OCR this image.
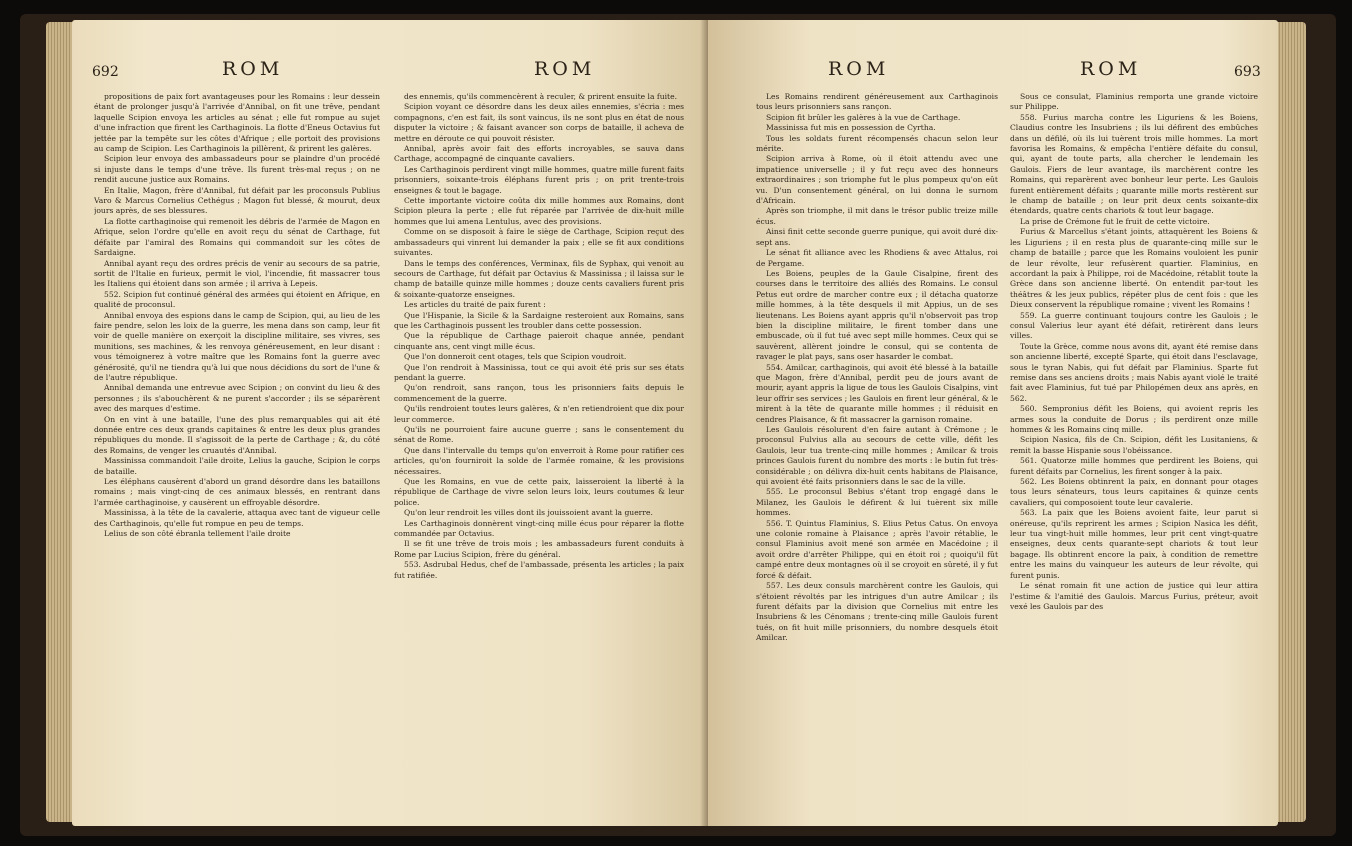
692	ROM	ROM

propositions de paix fort avantageuses pour les Romains : leur dessein étant de prolonger jusqu'à l'arrivée d'Annibal, on fit une trêve, pendant laquelle Scipion envoya les articles au sénat ; elle fut rompue au sujet d'une infraction que firent les Carthaginois. La flotte d'Eneus Octavius fut jettée par la tempête sur les côtes d'Afrique ; elle portoit des provisions au camp de Scipion. Les Carthaginois la pillèrent, & prirent les galères.

Scipion leur envoya des ambassadeurs pour se plaindre d'un procédé si injuste dans le temps d'une trêve. Ils furent très-mal reçus ; on ne rendit aucune justice aux Romains.

En Italie, Magon, frère d'Annibal, fut défait par les proconsuls Publius Varo & Marcus Cornelius Cethégus ; Magon fut blessé, & mourut, deux jours après, de ses blessures.

La flotte carthaginoise qui remenoit les débris de l'armée de Magon en Afrique, selon l'ordre qu'elle en avoit reçu du sénat de Carthage, fut défaite par l'amiral des Romains qui commandoit sur les côtes de Sardaigne.

Annibal ayant reçu des ordres précis de venir au secours de sa patrie, sortit de l'Italie en furieux, permit le viol, l'incendie, fit massacrer tous les Italiens qui étoient dans son armée ; il arriva à Lepeis.

552. Scipion fut continué général des armées qui étoient en Afrique, en qualité de proconsul.

Annibal envoya des espions dans le camp de Scipion, qui, au lieu de les faire pendre, selon les loix de la guerre, les mena dans son camp, leur fit voir de quelle manière on exerçoit la discipline militaire, ses vivres, ses munitions, ses machines, & les renvoya généreusement, en leur disant : vous témoignerez à votre maître que les Romains font la guerre avec générosité, qu'il ne tiendra qu'à lui que nous décidions du sort de l'une & de l'autre république.

Annibal demanda une entrevue avec Scipion ; on convint du lieu & des personnes ; ils s'abouchèrent & ne purent s'accorder ; ils se séparèrent avec des marques d'estime.

On en vint à une bataille, l'une des plus remarquables qui ait été donnée entre ces deux grands capitaines & entre les deux plus grandes républiques du monde. Il s'agissoit de la perte de Carthage ; &, du côté des Romains, de venger les cruautés d'Annibal.

Massinissa commandoit l'aile droite, Lelius la gauche, Scipion le corps de bataille.

Les éléphans causèrent d'abord un grand désordre dans les bataillons romains ; mais vingt-cinq de ces animaux blessés, en rentrant dans l'armée carthaginoise, y causèrent un effroyable désordre.

Massinissa, à la tête de la cavalerie, attaqua avec tant de vigueur celle des Carthaginois, qu'elle fut rompue en peu de temps.

Lelius de son côté ébranla tellement l'aile droite

des ennemis, qu'ils commencèrent à reculer, & prirent ensuite la fuite.

Scipion voyant ce désordre dans les deux ailes ennemies, s'écria : mes compagnons, c'en est fait, ils sont vaincus, ils ne sont plus en état de nous disputer la victoire ; & faisant avancer son corps de bataille, il acheva de mettre en déroute ce qui pouvoit résister.

Annibal, après avoir fait des efforts incroyables, se sauva dans Carthage, accompagné de cinquante cavaliers.

Les Carthaginois perdirent vingt mille hommes, quatre mille furent faits prisonniers, soixante-trois éléphans furent pris ; on prit trente-trois enseignes & tout le bagage.

Cette importante victoire coûta dix mille hommes aux Romains, dont Scipion pleura la perte ; elle fut réparée par l'arrivée de dix-huit mille hommes que lui amena Lentulus, avec des provisions.

Comme on se disposoit à faire le siège de Carthage, Scipion reçut des ambassadeurs qui vinrent lui demander la paix ; elle se fit aux conditions suivantes.

Dans le temps des conférences, Verminax, fils de Syphax, qui venoit au secours de Carthage, fut défait par Octavius & Massinissa ; il laissa sur le champ de bataille quinze mille hommes ; douze cents cavaliers furent pris & soixante-quatorze enseignes.

Les articles du traité de paix furent :

Que l'Hispanie, la Sicile & la Sardaigne resteroient aux Romains, sans que les Carthaginois pussent les troubler dans cette possession.

Que la république de Carthage paieroit chaque année, pendant cinquante ans, cent vingt mille écus.

Que l'on donneroit cent otages, tels que Scipion voudroit.

Que l'on rendroit à Massinissa, tout ce qui avoit été pris sur ses états pendant la guerre.

Qu'on rendroit, sans rançon, tous les prisonniers faits depuis le commencement de la guerre.

Qu'ils rendroient toutes leurs galères, & n'en retiendroient que dix pour leur commerce.

Qu'ils ne pourroient faire aucune guerre ; sans le consentement du sénat de Rome.

Que dans l'intervalle du temps qu'on enverroit à Rome pour ratifier ces articles, qu'on fourniroit la solde de l'armée romaine, & les provisions nécessaires.

Que les Romains, en vue de cette paix, laisseroient la liberté à la république de Carthage de vivre selon leurs loix, leurs coutumes & leur police.

Qu'on leur rendroit les villes dont ils jouissoient avant la guerre.

Les Carthaginois donnèrent vingt-cinq mille écus pour réparer la flotte commandée par Octavius.

Il se fit une trêve de trois mois ; les ambassadeurs furent conduits à Rome par Lucius Scipion, frère du général.

553. Asdrubal Hedus, chef de l'ambassade, présenta les articles ; la paix fut ratifiée.

ROM	ROM	693

Les Romains rendirent généreusement aux Carthaginois tous leurs prisonniers sans rançon.

Scipion fit brûler les galères à la vue de Carthage.

Massinissa fut mis en possession de Cyrtha.

Tous les soldats furent récompensés chacun selon leur mérite.

Scipion arriva à Rome, où il étoit attendu avec une impatience universelle ; il y fut reçu avec des honneurs extraordinaires ; son triomphe fut le plus pompeux qu'on eût vu. D'un consentement général, on lui donna le surnom d'Africain.

Après son triomphe, il mit dans le trésor public treize mille écus.

Ainsi finit cette seconde guerre punique, qui avoit duré dix-sept ans.

Le sénat fit alliance avec les Rhodiens & avec Attalus, roi de Pergame.

Les Boiens, peuples de la Gaule Cisalpine, firent des courses dans le territoire des alliés des Romains. Le consul Petus eut ordre de marcher contre eux ; il détacha quatorze mille hommes, à la tête desquels il mit Appius, un de ses lieutenans. Les Boiens ayant appris qu'il n'observoit pas trop bien la discipline militaire, le firent tomber dans une embuscade, où il fut tué avec sept mille hommes. Ceux qui se sauvèrent, allèrent joindre le consul, qui se contenta de ravager le plat pays, sans oser hasarder le combat.

554. Amilcar, carthaginois, qui avoit été blessé à la bataille que Magon, frère d'Annibal, perdit peu de jours avant de mourir, ayant appris la ligue de tous les Gaulois Cisalpins, vint leur offrir ses services ; les Gaulois en firent leur général, & le mirent à la tête de quarante mille hommes ; il réduisit en cendres Plaisance, & fit massacrer la garnison romaine.

Les Gaulois résolurent d'en faire autant à Crémone ; le proconsul Fulvius alla au secours de cette ville, défit les Gaulois, leur tua trente-cinq mille hommes ; Amilcar & trois princes Gaulois furent du nombre des morts : le butin fut très-considérable ; on délivra dix-huit cents habitans de Plaisance, qui avoient été faits prisonniers dans le sac de la ville.

555. Le proconsul Bebius s'étant trop engagé dans le Milanez, les Gaulois le défirent & lui tuèrent six mille hommes.

556. T. Quintus Flaminius, S. Elius Petus Catus. On envoya une colonie romaine à Plaisance ; après l'avoir rétablie, le consul Flaminius avoit mené son armée en Macédoine ; il avoit ordre d'arrêter Philippe, qui en étoit roi ; quoiqu'il fût campé entre deux montagnes où il se croyoit en sûreté, il y fut forcé & défait.

557. Les deux consuls marchèrent contre les Gaulois, qui s'étoient révoltés par les intrigues d'un autre Amilcar ; ils furent défaits par la division que Cornelius mit entre les Insubriens & les Cénomans ; trente-cinq mille Gaulois furent tués, on fit huit mille prisonniers, du nombre desquels étoit Amilcar.

Sous ce consulat, Flaminius remporta une grande victoire sur Philippe.

558. Furius marcha contre les Liguriens & les Boiens, Claudius contre les Insubriens ; ils lui défirent des embûches dans un défilé, où ils lui tuèrent trois mille hommes. La mort favorisa les Romains, & empêcha l'entière défaite du consul, qui, ayant de toute parts, alla chercher le lendemain les Gaulois. Fiers de leur avantage, ils marchèrent contre les Romains, qui reparèrent avec bonheur leur perte. Les Gaulois furent entièrement défaits ; quarante mille morts restèrent sur le champ de bataille ; on leur prit deux cents soixante-dix étendards, quatre cents chariots & tout leur bagage.

La prise de Crémone fut le fruit de cette victoire.

Furius & Marcellus s'étant joints, attaquèrent les Boiens & les Liguriens ; il en resta plus de quarante-cinq mille sur le champ de bataille ; parce que les Romains vouloient les punir de leur révolte, leur refusèrent quartier. Flaminius, en accordant la paix à Philippe, roi de Macédoine, rétablit toute la Grèce dans son ancienne liberté. On entendit par-tout les théâtres & les jeux publics, répéter plus de cent fois : que les Dieux conservent la république romaine ; vivent les Romains !

559. La guerre continuant toujours contre les Gaulois ; le consul Valerius leur ayant été défait, retirèrent dans leurs villes.

Toute la Grèce, comme nous avons dit, ayant été remise dans son ancienne liberté, excepté Sparte, qui étoit dans l'esclavage, sous le tyran Nabis, qui fut défait par Flaminius. Sparte fut remise dans ses anciens droits ; mais Nabis ayant violé le traité fait avec Flaminius, fut tué par Philopémen deux ans après, en 562.

560. Sempronius défit les Boiens, qui avoient repris les armes sous la conduite de Dorus ; ils perdirent onze mille hommes & les Romains cinq mille.

Scipion Nasica, fils de Cn. Scipion, défit les Lusitaniens, & remit la basse Hispanie sous l'obéissance.

561. Quatorze mille hommes que perdirent les Boiens, qui furent défaits par Cornelius, les firent songer à la paix.

562. Les Boiens obtinrent la paix, en donnant pour otages tous leurs sénateurs, tous leurs capitaines & quinze cents cavaliers, qui composoient toute leur cavalerie.

563. La paix que les Boiens avoient faite, leur parut si onéreuse, qu'ils reprirent les armes ; Scipion Nasica les défit, leur tua vingt-huit mille hommes, leur prit cent vingt-quatre enseignes, deux cents quarante-sept chariots & tout leur bagage. Ils obtinrent encore la paix, à condition de remettre entre les mains du vainqueur les auteurs de leur révolte, qui furent punis.

Le sénat romain fit une action de justice qui leur attira l'estime & l'amitié des Gaulois. Marcus Furius, préteur, avoit vexé les Gaulois par des
